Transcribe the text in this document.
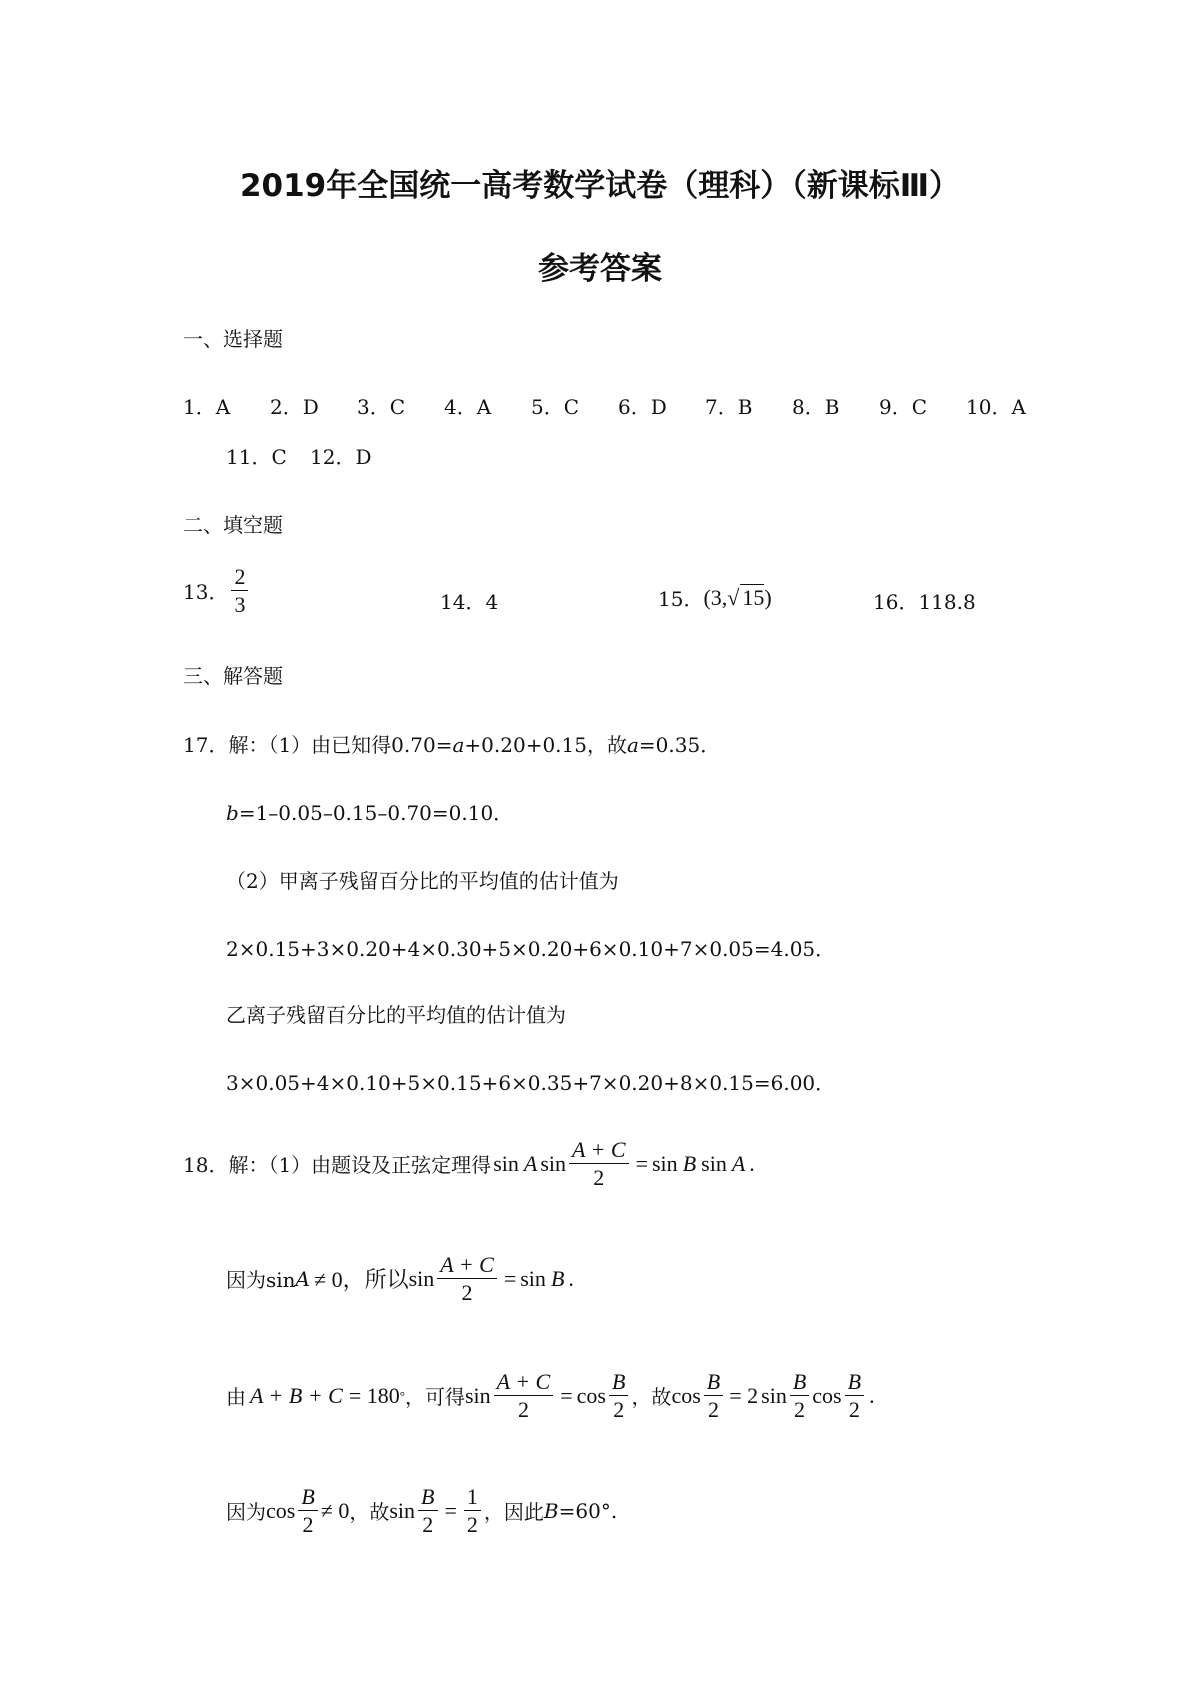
2019年全国统一高考数学试卷（理科）（新课标Ⅲ）
参考答案
一、选择题
1．A 2．D 3．C 4．A 5．C 6．D 7．B 8．B 9．C 10．A
11．C 12．D
二、填空题
13． $\frac{2}{3}$	14．4	15． (3, √ 15 )	16．118.8
三、解答题
17．解：（1）由已知得0.70=a+0.20+0.15，故a=0.35．
b=1–0.05–0.15–0.70=0.10．
（2）甲离子残留百分比的平均值的估计值为
2×0.15+3×0.20+4×0.30+5×0.20+6×0.10+7×0.05=4.05．
乙离子残留百分比的平均值的估计值为
3×0.05+4×0.10+5×0.15+6×0.35+7×0.20+8×0.15=6.00．
18．解：（1）由题设及正弦定理得 sin A $\sin \frac{A + C}{2} = \sin B$ sin A .
因为sin A ≠ 0，所以 $\sin \frac{A + C}{2} = \sin B$ .
由 A + B + C = 180 ° ，可得 $\sin \frac{A + C}{2} = \cos \frac{B}{2}$ ，故 $\cos \frac{B}{2} = 2$ $\sin \frac{B}{2}$ $\cos \frac{B}{2}$ .
因为 $\cos \frac{B}{2} \ne 0$ ，故 $\sin \frac{B}{2} = \frac{1}{2}$ ，因此 B =60°.
